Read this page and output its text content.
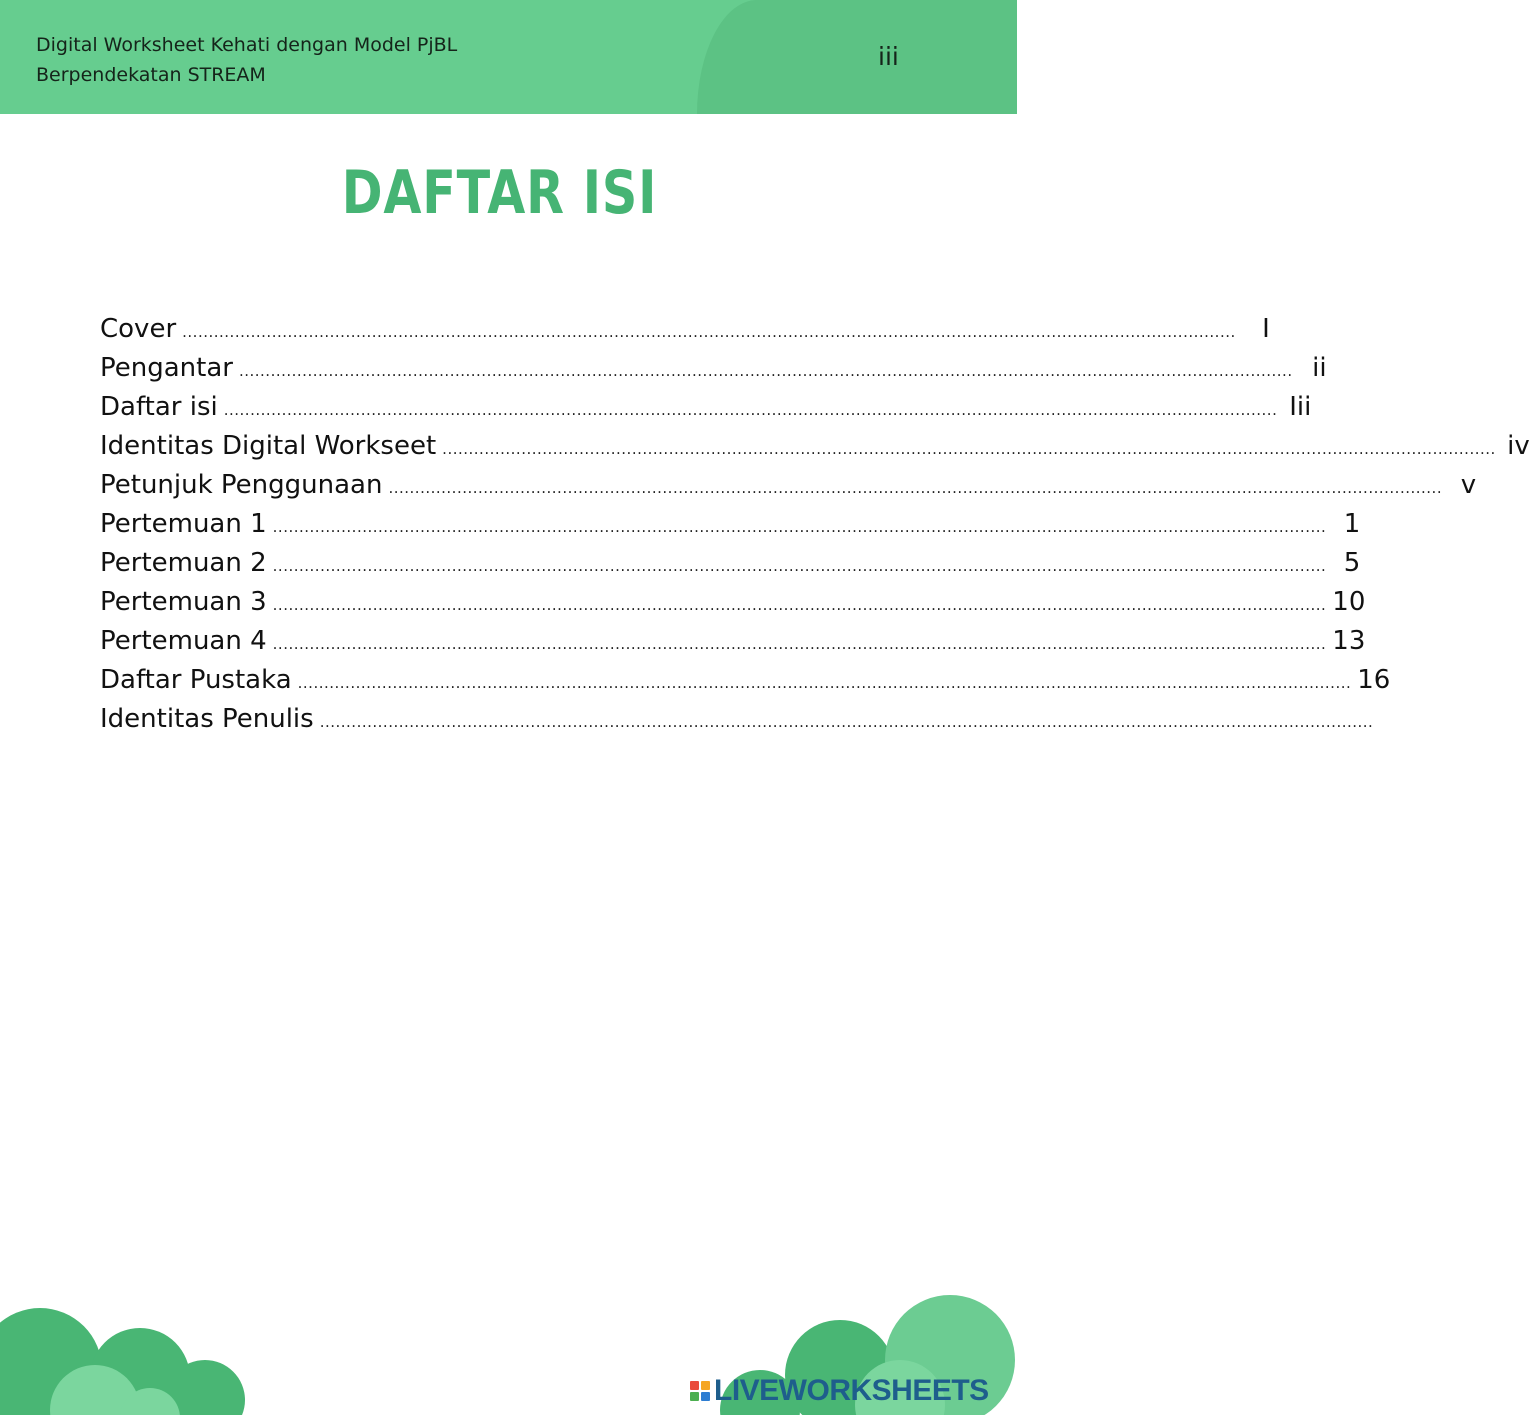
Digital Worksheet Kehati dengan Model PjBL
Berpendekatan STREAM
iii
DAFTAR ISI
Cover ........................................................................................................................................................................................................	I
Pengantar ........................................................................................................................................................................................................ ii
Daftar isi ........................................................................................................................................................................................................ Iii
Identitas Digital Workseet ........................................................................................................................................................................................................ iv
Petunjuk Penggunaan ........................................................................................................................................................................................................ v
Pertemuan 1 ........................................................................................................................................................................................................ 1
Pertemuan 2 ........................................................................................................................................................................................................ 5
Pertemuan 3 ........................................................................................................................................................................................................ 10
Pertemuan 4 ........................................................................................................................................................................................................ 13
Daftar Pustaka ........................................................................................................................................................................................................ 16
Identitas Penulis ........................................................................................................................................................................................................
LIVEWORKSHEETS
